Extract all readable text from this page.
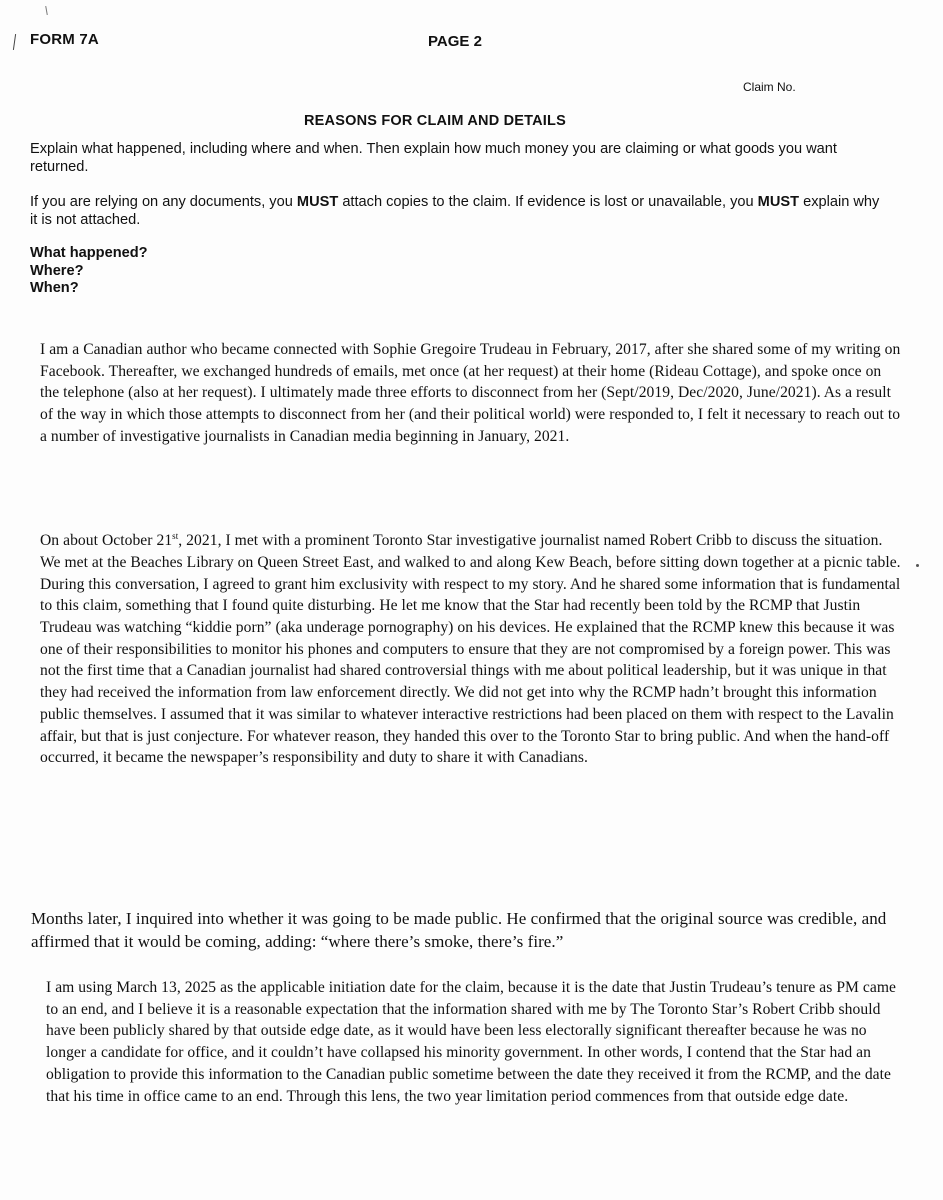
FORM 7A	PAGE 2
Claim No.
REASONS FOR CLAIM AND DETAILS

Explain what happened, including where and when. Then explain how much money you are claiming or what goods you want returned.

If you are relying on any documents, you MUST attach copies to the claim. If evidence is lost or unavailable, you MUST explain why it is not attached.

What happened?
Where?
When?

I am a Canadian author who became connected with Sophie Gregoire Trudeau in February, 2017, after she shared some of my writing on Facebook. Thereafter, we exchanged hundreds of emails, met once (at her request) at their home (Rideau Cottage), and spoke once on the telephone (also at her request). I ultimately made three efforts to disconnect from her (Sept/2019, Dec/2020, June/2021). As a result of the way in which those attempts to disconnect from her (and their political world) were responded to, I felt it necessary to reach out to a number of investigative journalists in Canadian media beginning in January, 2021.

On about October 21st, 2021, I met with a prominent Toronto Star investigative journalist named Robert Cribb to discuss the situation. We met at the Beaches Library on Queen Street East, and walked to and along Kew Beach, before sitting down together at a picnic table. During this conversation, I agreed to grant him exclusivity with respect to my story. And he shared some information that is fundamental to this claim, something that I found quite disturbing. He let me know that the Star had recently been told by the RCMP that Justin Trudeau was watching “kiddie porn” (aka underage pornography) on his devices. He explained that the RCMP knew this because it was one of their responsibilities to monitor his phones and computers to ensure that they are not compromised by a foreign power. This was not the first time that a Canadian journalist had shared controversial things with me about political leadership, but it was unique in that they had received the information from law enforcement directly. We did not get into why the RCMP hadn’t brought this information public themselves. I assumed that it was similar to whatever interactive restrictions had been placed on them with respect to the Lavalin affair, but that is just conjecture. For whatever reason, they handed this over to the Toronto Star to bring public. And when the hand-off occurred, it became the newspaper’s responsibility and duty to share it with Canadians.

Months later, I inquired into whether it was going to be made public. He confirmed that the original source was credible, and affirmed that it would be coming, adding: “where there’s smoke, there’s fire.”

I am using March 13, 2025 as the applicable initiation date for the claim, because it is the date that Justin Trudeau’s tenure as PM came to an end, and I believe it is a reasonable expectation that the information shared with me by The Toronto Star’s Robert Cribb should have been publicly shared by that outside edge date, as it would have been less electorally significant thereafter because he was no longer a candidate for office, and it couldn’t have collapsed his minority government. In other words, I contend that the Star had an obligation to provide this information to the Canadian public sometime between the date they received it from the RCMP, and the date that his time in office came to an end. Through this lens, the two year limitation period commences from that outside edge date.
